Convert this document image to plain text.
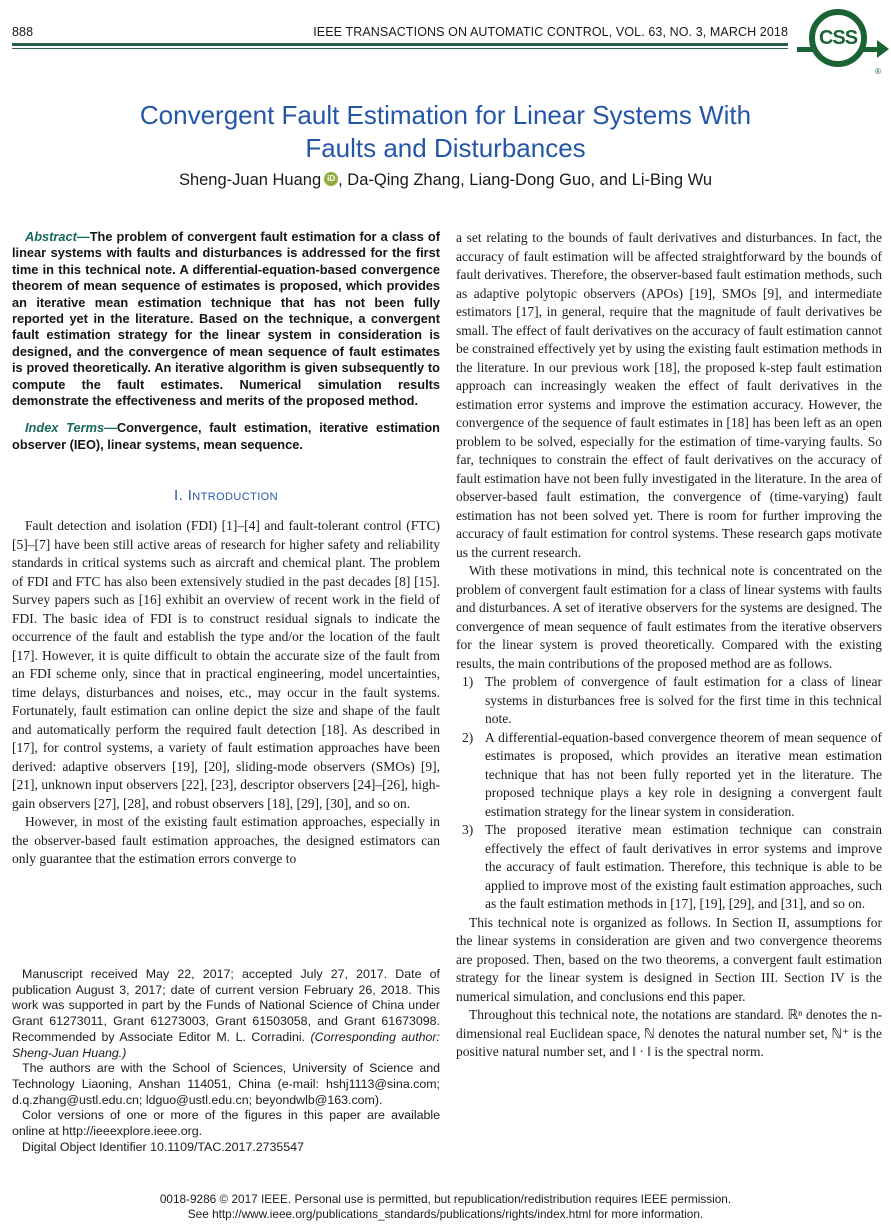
888	IEEE TRANSACTIONS ON AUTOMATIC CONTROL, VOL. 63, NO. 3, MARCH 2018 CSS
®
Convergent Fault Estimation for Linear Systems With
Faults and Disturbances
Sheng-Juan Huang iD , Da-Qing Zhang, Liang-Dong Guo, and Li-Bing Wu

Abstract—The problem of convergent fault estimation for a class of linear systems with faults and disturbances is addressed for the first time in this technical note. A differential-equation-based convergence theorem of mean sequence of estimates is proposed, which provides an iterative mean estimation technique that has not been fully reported yet in the literature. Based on the technique, a convergent fault estimation strategy for the linear system in consideration is designed, and the convergence of mean sequence of fault estimates is proved theoretically. An iterative algorithm is given subsequently to compute the fault estimates. Numerical simulation results demonstrate the effectiveness and merits of the proposed method.

Index Terms—Convergence, fault estimation, iterative estimation observer (IEO), linear systems, mean sequence.

I. Introduction

Fault detection and isolation (FDI) [1]–[4] and fault-tolerant control (FTC) [5]–[7] have been still active areas of research for higher safety and reliability standards in critical systems such as aircraft and chemical plant. The problem of FDI and FTC has also been extensively studied in the past decades [8] [15]. Survey papers such as [16] exhibit an overview of recent work in the field of FDI. The basic idea of FDI is to construct residual signals to indicate the occurrence of the fault and establish the type and/or the location of the fault [17]. However, it is quite difficult to obtain the accurate size of the fault from an FDI scheme only, since that in practical engineering, model uncertainties, time delays, disturbances and noises, etc., may occur in the fault systems. Fortunately, fault estimation can online depict the size and shape of the fault and automatically perform the required fault detection [18]. As described in [17], for control systems, a variety of fault estimation approaches have been derived: adaptive observers [19], [20], sliding-mode observers (SMOs) [9], [21], unknown input observers [22], [23], descriptor observers [24]–[26], high-gain observers [27], [28], and robust observers [18], [29], [30], and so on.

However, in most of the existing fault estimation approaches, especially in the observer-based fault estimation approaches, the designed estimators can only guarantee that the estimation errors converge to

Manuscript received May 22, 2017; accepted July 27, 2017. Date of publication August 3, 2017; date of current version February 26, 2018. This work was supported in part by the Funds of National Science of China under Grant 61273011, Grant 61273003, Grant 61503058, and Grant 61673098. Recommended by Associate Editor M. L. Corradini. (Corresponding author: Sheng-Juan Huang.)

The authors are with the School of Sciences, University of Science and Technology Liaoning, Anshan 114051, China (e-mail: hshj1113@sina.com; d.q.zhang@ustl.edu.cn; ldguo@ustl.edu.cn; beyondwlb@163.com).

Color versions of one or more of the figures in this paper are available online at http://ieeexplore.ieee.org.

Digital Object Identifier 10.1109/TAC.2017.2735547

a set relating to the bounds of fault derivatives and disturbances. In fact, the accuracy of fault estimation will be affected straightforward by the bounds of fault derivatives. Therefore, the observer-based fault estimation methods, such as adaptive polytopic observers (APOs) [19], SMOs [9], and intermediate estimators [17], in general, require that the magnitude of fault derivatives be small. The effect of fault derivatives on the accuracy of fault estimation cannot be constrained effectively yet by using the existing fault estimation methods in the literature. In our previous work [18], the proposed k-step fault estimation approach can increasingly weaken the effect of fault derivatives in the estimation error systems and improve the estimation accuracy. However, the convergence of the sequence of fault estimates in [18] has been left as an open problem to be solved, especially for the estimation of time-varying faults. So far, techniques to constrain the effect of fault derivatives on the accuracy of fault estimation have not been fully investigated in the literature. In the area of observer-based fault estimation, the convergence of (time-varying) fault estimation has not been solved yet. There is room for further improving the accuracy of fault estimation for control systems. These research gaps motivate us the current research.

With these motivations in mind, this technical note is concentrated on the problem of convergent fault estimation for a class of linear systems with faults and disturbances. A set of iterative observers for the systems are designed. The convergence of mean sequence of fault estimates from the iterative observers for the linear system is proved theoretically. Compared with the existing results, the main contributions of the proposed method are as follows.

1) The problem of convergence of fault estimation for a class of linear systems in disturbances free is solved for the first time in this technical note.
2) A differential-equation-based convergence theorem of mean sequence of estimates is proposed, which provides an iterative mean estimation technique that has not been fully reported yet in the literature. The proposed technique plays a key role in designing a convergent fault estimation strategy for the linear system in consideration.
3) The proposed iterative mean estimation technique can constrain effectively the effect of fault derivatives in error systems and improve the accuracy of fault estimation. Therefore, this technique is able to be applied to improve most of the existing fault estimation approaches, such as the fault estimation methods in [17], [19], [29], and [31], and so on.

This technical note is organized as follows. In Section II, assumptions for the linear systems in consideration are given and two convergence theorems are proposed. Then, based on the two theorems, a convergent fault estimation strategy for the linear system is designed in Section III. Section IV is the numerical simulation, and conclusions end this paper.

Throughout this technical note, the notations are standard. ℝⁿ denotes the n-dimensional real Euclidean space, ℕ denotes the natural number set, ℕ⁺ is the positive natural number set, and ‖ · ‖ is the spectral norm.

0018-9286 © 2017 IEEE. Personal use is permitted, but republication/redistribution requires IEEE permission.
See http://www.ieee.org/publications_standards/publications/rights/index.html for more information.
